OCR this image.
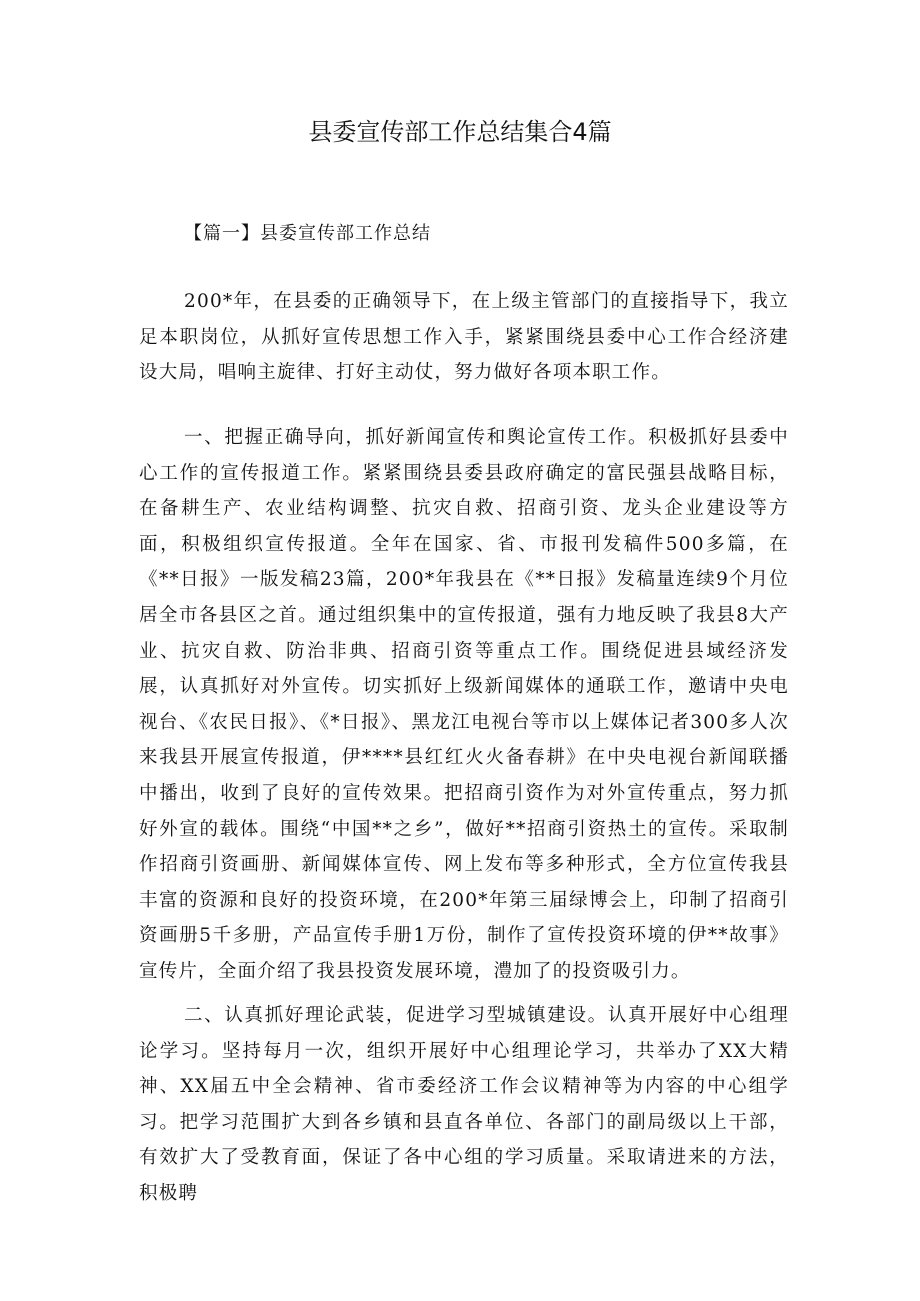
县委宣传部工作总结集合4篇
【篇一】县委宣传部工作总结

200*年，在县委的正确领导下，在上级主管部门的直接指导下，我立足本职岗位，从抓好宣传思想工作入手，紧紧围绕县委中心工作合经济建设大局，唱响主旋律、打好主动仗，努力做好各项本职工作。

一、把握正确导向，抓好新闻宣传和舆论宣传工作。积极抓好县委中心工作的宣传报道工作。紧紧围绕县委县政府确定的富民强县战略目标，在备耕生产、农业结构调整、抗灾自救、招商引资、龙头企业建设等方面，积极组织宣传报道。全年在国家、省、市报刊发稿件500多篇，在《**日报》一版发稿23篇，200*年我县在《**日报》发稿量连续9个月位居全市各县区之首。通过组织集中的宣传报道，强有力地反映了我县8大产业、抗灾自救、防治非典、招商引资等重点工作。围绕促进县域经济发展，认真抓好对外宣传。切实抓好上级新闻媒体的通联工作，邀请中央电视台、《农民日报》、《*日报》、黑龙江电视台等市以上媒体记者300多人次来我县开展宣传报道，伊****县红红火火备春耕》在中央电视台新闻联播中播出，收到了良好的宣传效果。把招商引资作为对外宣传重点，努力抓好外宣的载体。围绕“中国**之乡”，做好**招商引资热土的宣传。采取制作招商引资画册、新闻媒体宣传、网上发布等多种形式，全方位宣传我县丰富的资源和良好的投资环境，在200*年第三届绿博会上，印制了招商引资画册5千多册，产品宣传手册1万份，制作了宣传投资环境的伊**故事》宣传片，全面介绍了我县投资发展环境，澧加了的投资吸引力。

二、认真抓好理论武装，促进学习型城镇建设。认真开展好中心组理论学习。坚持每月一次，组织开展好中心组理论学习，共举办了XX大精神、XX届五中全会精神、省市委经济工作会议精神等为内容的中心组学习。把学习范围扩大到各乡镇和县直各单位、各部门的副局级以上干部，有效扩大了受教育面，保证了各中心组的学习质量。采取请进来的方法，积极聘
